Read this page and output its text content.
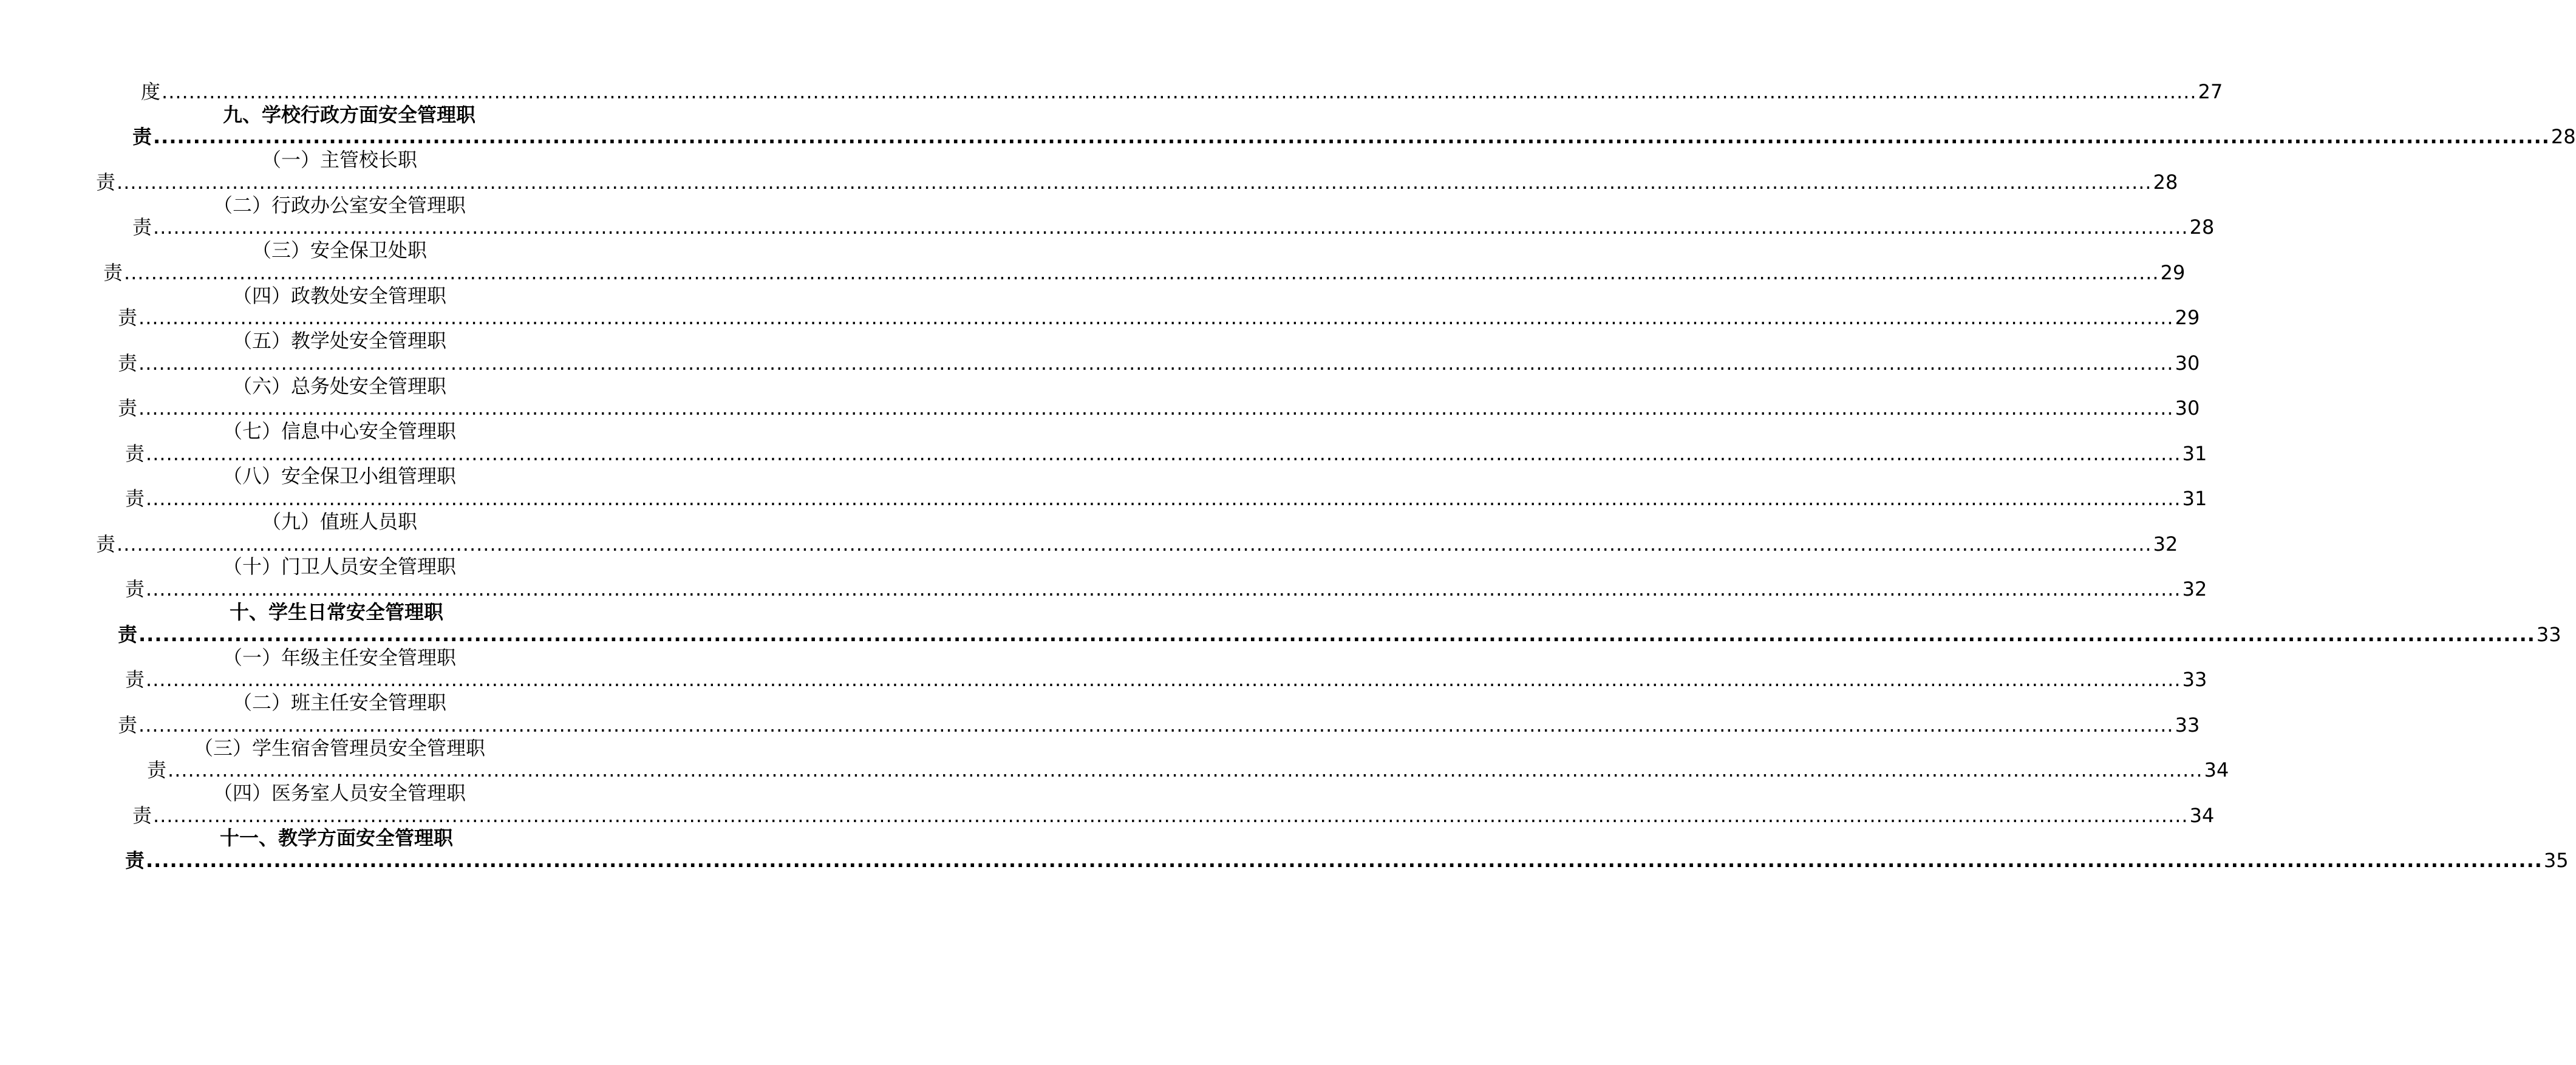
度 ............................................................................................................................................................................................................................................................................................................ 27
九、学校行政方面安全管理职
责 ............................................................................................................................................................................................................................................................................................................ 28
（一）主管校长职
责 ............................................................................................................................................................................................................................................................................................................ 28
（二）行政办公室安全管理职
责 ............................................................................................................................................................................................................................................................................................................ 28
（三）安全保卫处职
责 ............................................................................................................................................................................................................................................................................................................ 29
（四）政教处安全管理职
责 ............................................................................................................................................................................................................................................................................................................ 29
（五）教学处安全管理职
责 ............................................................................................................................................................................................................................................................................................................ 30
（六）总务处安全管理职
责 ............................................................................................................................................................................................................................................................................................................ 30
（七）信息中心安全管理职
责 ............................................................................................................................................................................................................................................................................................................ 31
（八）安全保卫小组管理职
责 ............................................................................................................................................................................................................................................................................................................ 31
（九）值班人员职
责 ............................................................................................................................................................................................................................................................................................................ 32
（十）门卫人员安全管理职
责 ............................................................................................................................................................................................................................................................................................................ 32
十、学生日常安全管理职
责 ............................................................................................................................................................................................................................................................................................................ 33
（一）年级主任安全管理职
责 ............................................................................................................................................................................................................................................................................................................ 33
（二）班主任安全管理职
责 ............................................................................................................................................................................................................................................................................................................ 33
（三）学生宿舍管理员安全管理职
责 ............................................................................................................................................................................................................................................................................................................ 34
（四）医务室人员安全管理职
责 ............................................................................................................................................................................................................................................................................................................ 34
十一、教学方面安全管理职
责 ............................................................................................................................................................................................................................................................................................................ 35
